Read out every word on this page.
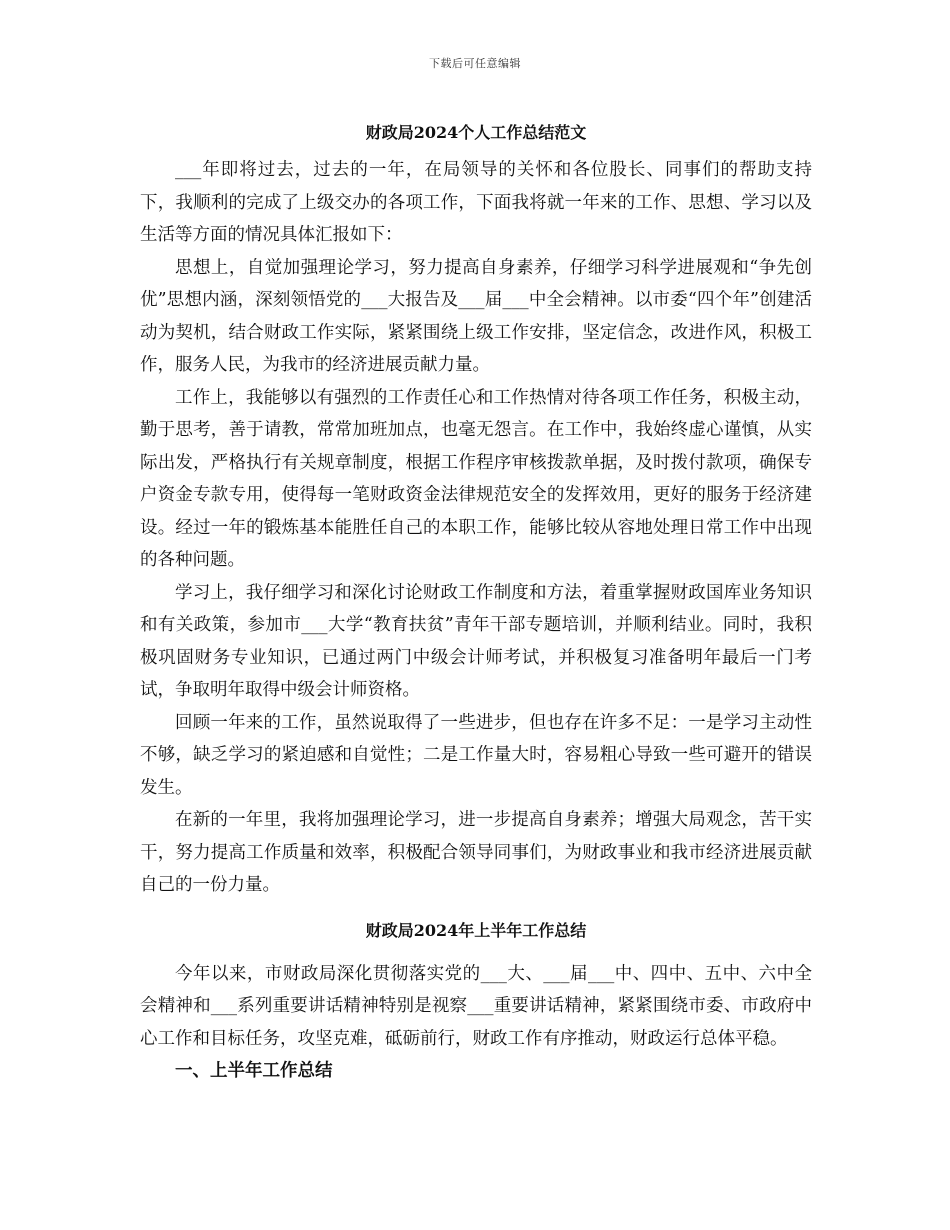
下载后可任意编辑
财政局2024个人工作总结范文

___年即将过去，过去的一年，在局领导的关怀和各位股长、同事们的帮助支持下，我顺利的完成了上级交办的各项工作，下面我将就一年来的工作、思想、学习以及生活等方面的情况具体汇报如下：

思想上，自觉加强理论学习，努力提高自身素养，仔细学习科学进展观和“争先创优”思想内涵，深刻领悟党的___大报告及___届___中全会精神。以市委“四个年”创建活动为契机，结合财政工作实际，紧紧围绕上级工作安排，坚定信念，改进作风，积极工作，服务人民，为我市的经济进展贡献力量。

工作上，我能够以有强烈的工作责任心和工作热情对待各项工作任务，积极主动，勤于思考，善于请教，常常加班加点，也毫无怨言。在工作中，我始终虚心谨慎，从实际出发，严格执行有关规章制度，根据工作程序审核拨款单据，及时拨付款项，确保专户资金专款专用，使得每一笔财政资金法律规范安全的发挥效用，更好的服务于经济建设。经过一年的锻炼基本能胜任自己的本职工作，能够比较从容地处理日常工作中出现的各种问题。

学习上，我仔细学习和深化讨论财政工作制度和方法，着重掌握财政国库业务知识和有关政策，参加市___大学“教育扶贫”青年干部专题培训，并顺利结业。同时，我积极巩固财务专业知识，已通过两门中级会计师考试，并积极复习准备明年最后一门考试，争取明年取得中级会计师资格。

回顾一年来的工作，虽然说取得了一些进步，但也存在许多不足：一是学习主动性不够，缺乏学习的紧迫感和自觉性；二是工作量大时，容易粗心导致一些可避开的错误发生。

在新的一年里，我将加强理论学习，进一步提高自身素养；增强大局观念，苦干实干，努力提高工作质量和效率，积极配合领导同事们，为财政事业和我市经济进展贡献自己的一份力量。

财政局2024年上半年工作总结

今年以来，市财政局深化贯彻落实党的___大、___届___中、四中、五中、六中全会精神和___系列重要讲话精神特别是视察___重要讲话精神，紧紧围绕市委、市政府中心工作和目标任务，攻坚克难，砥砺前行，财政工作有序推动，财政运行总体平稳。

一、上半年工作总结
